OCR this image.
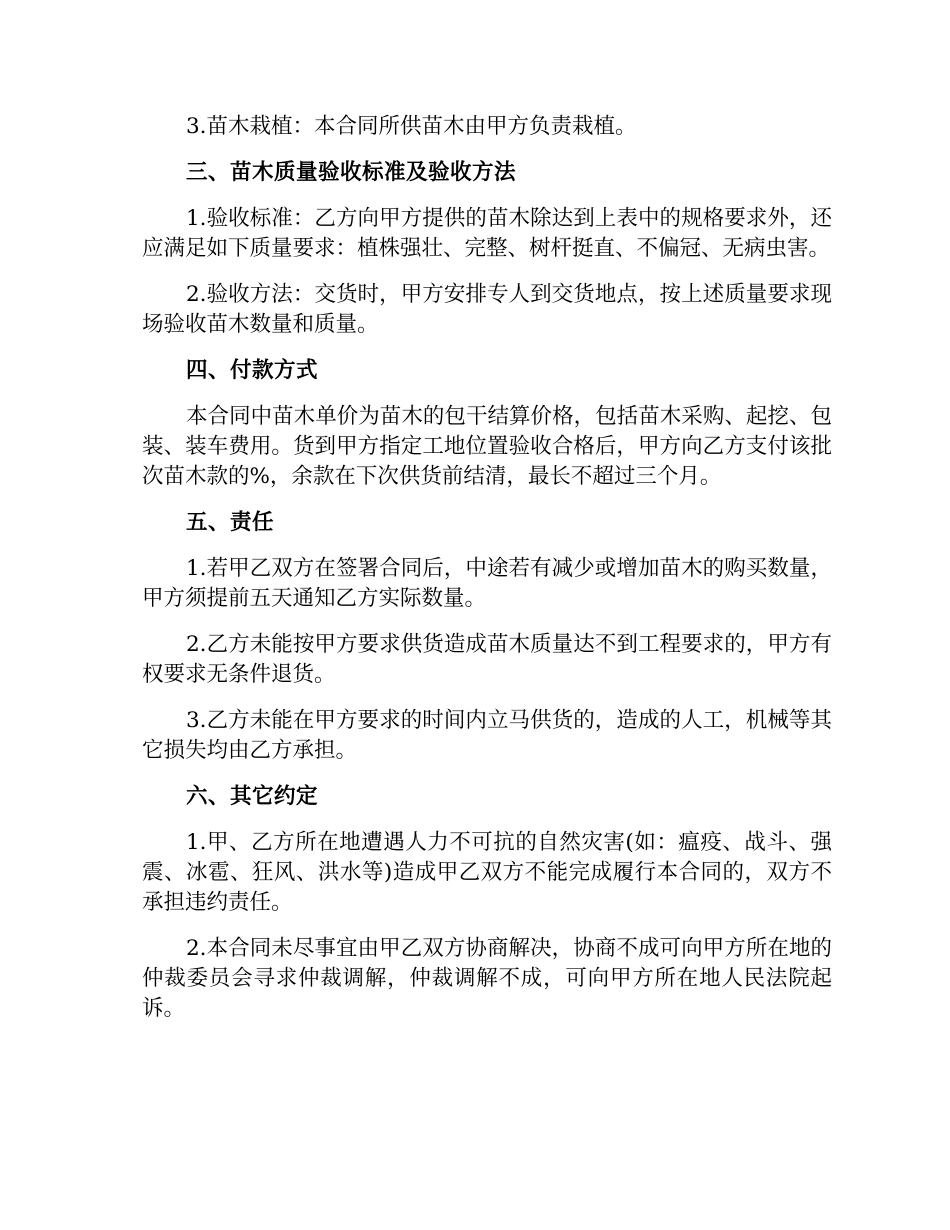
3.苗木栽植：本合同所供苗木由甲方负责栽植。

三、苗木质量验收标准及验收方法

1.验收标准：乙方向甲方提供的苗木除达到上表中的规格要求外，还应满足如下质量要求：植株强壮、完整、树杆挺直、不偏冠、无病虫害。

2.验收方法：交货时，甲方安排专人到交货地点，按上述质量要求现场验收苗木数量和质量。

四、付款方式

本合同中苗木单价为苗木的包干结算价格，包括苗木采购、起挖、包装、装车费用。货到甲方指定工地位置验收合格后，甲方向乙方支付该批次苗木款的%，余款在下次供货前结清，最长不超过三个月。

五、责任

1.若甲乙双方在签署合同后，中途若有减少或增加苗木的购买数量，甲方须提前五天通知乙方实际数量。

2.乙方未能按甲方要求供货造成苗木质量达不到工程要求的，甲方有权要求无条件退货。

3.乙方未能在甲方要求的时间内立马供货的，造成的人工，机械等其它损失均由乙方承担。

六、其它约定

1.甲、乙方所在地遭遇人力不可抗的自然灾害(如：瘟疫、战斗、强震、冰雹、狂风、洪水等)造成甲乙双方不能完成履行本合同的，双方不承担违约责任。

2.本合同未尽事宜由甲乙双方协商解决，协商不成可向甲方所在地的仲裁委员会寻求仲裁调解，仲裁调解不成，可向甲方所在地人民法院起诉。
